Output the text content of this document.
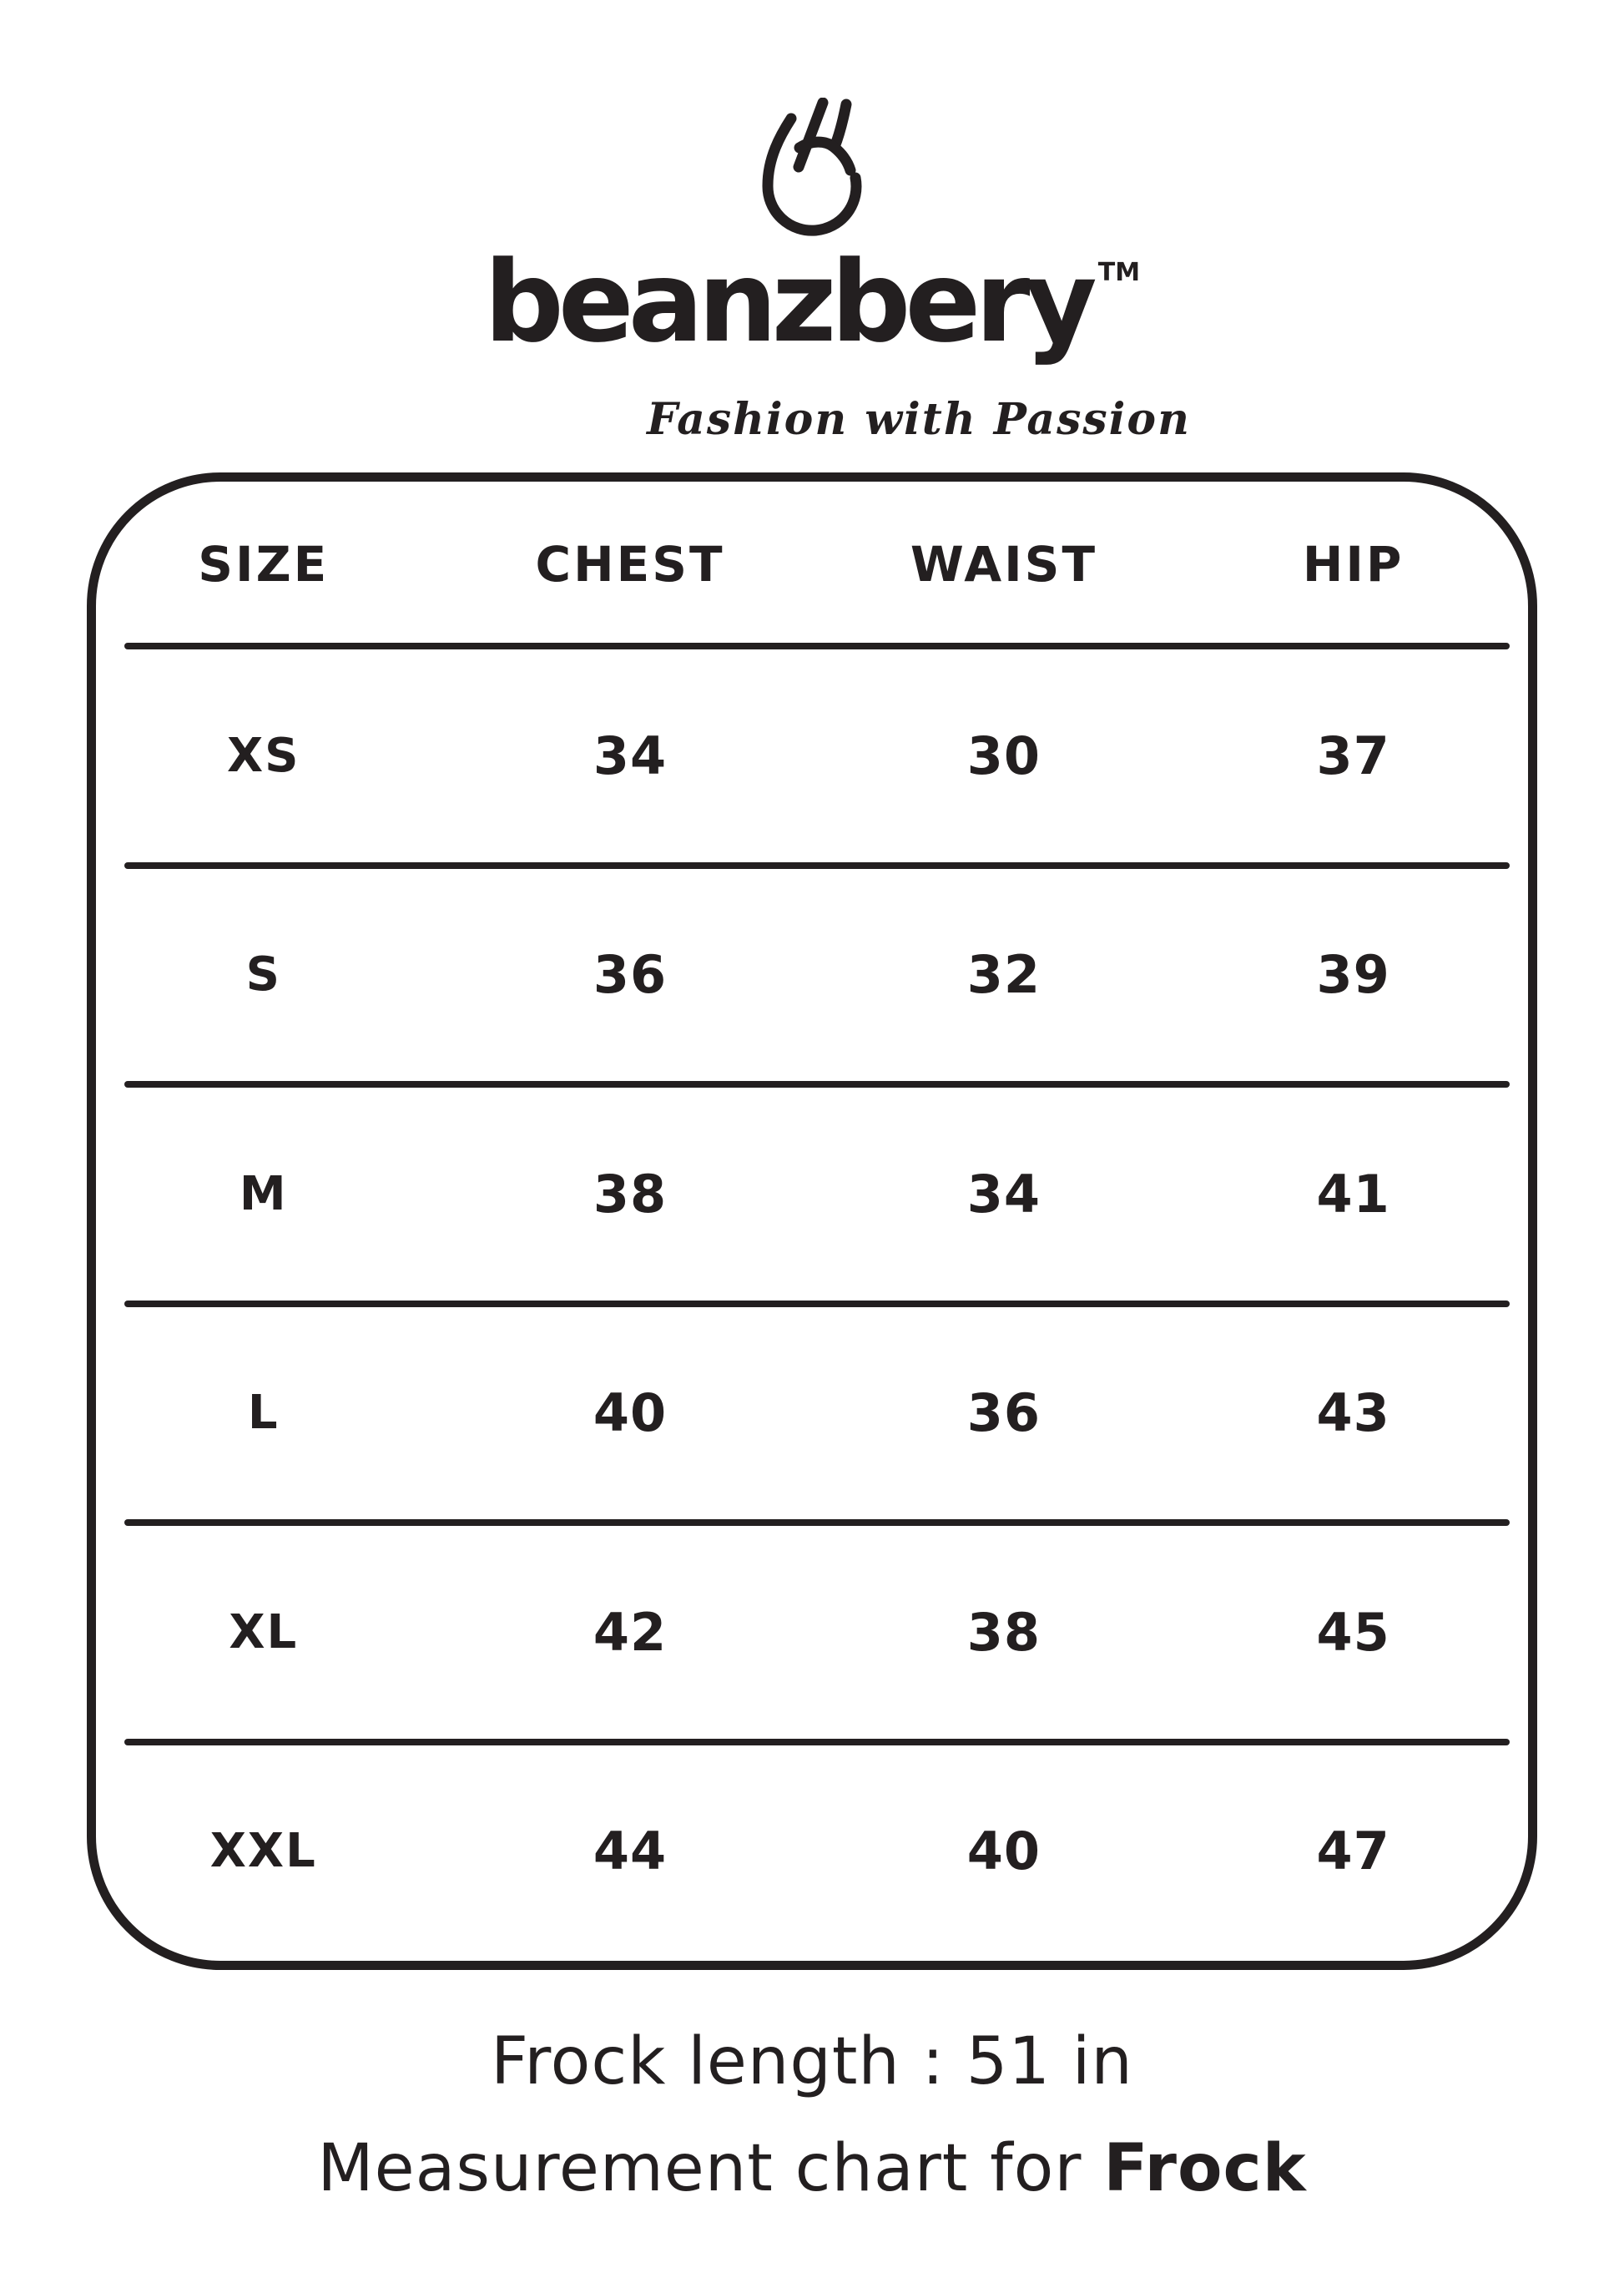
beanzbery TM
Fashion with Passion
SIZE	CHEST	WAIST	HIP
XS	34	30	37
S	36	32	39
M	38	34	41
L	40	36	43
XL	42	38	45
XXL	44	40	47
Frock length : 51 in
Measurement chart for Frock
